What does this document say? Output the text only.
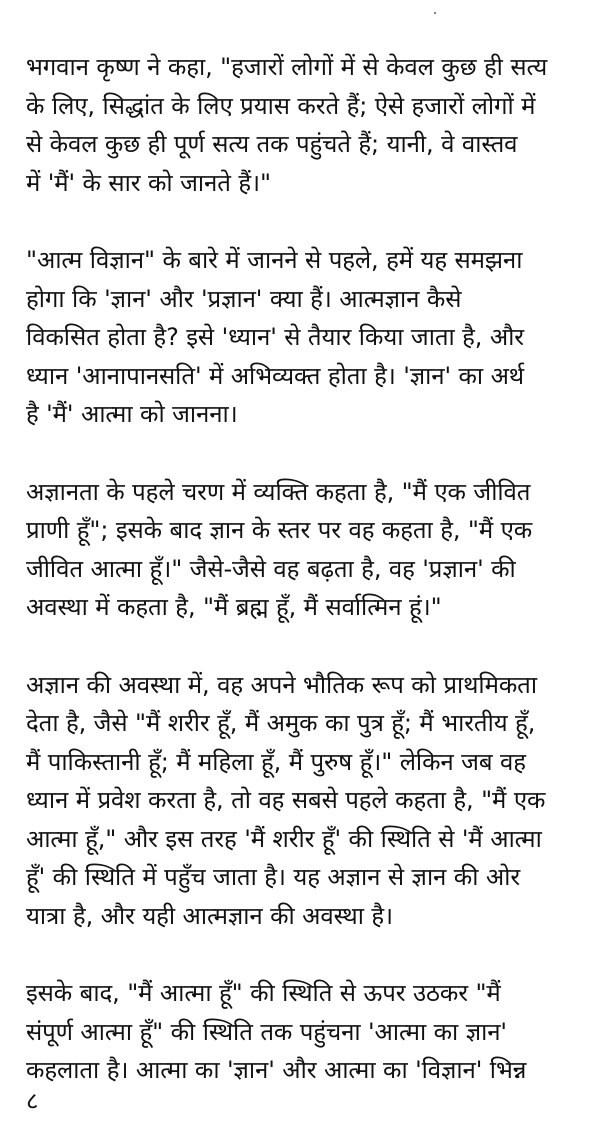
भगवान कृष्ण ने कहा, "हजारों लोगों में से केवल कुछ ही सत्य
के लिए, सिद्धांत के लिए प्रयास करते हैं; ऐसे हजारों लोगों में
से केवल कुछ ही पूर्ण सत्य तक पहुंचते हैं; यानी, वे वास्तव
में 'मैं' के सार को जानते हैं।"

"आत्म विज्ञान" के बारे में जानने से पहले, हमें यह समझना
होगा कि 'ज्ञान' और 'प्रज्ञान' क्या हैं। आत्मज्ञान कैसे
विकसित होता है? इसे 'ध्यान' से तैयार किया जाता है, और
ध्यान 'आनापानसति' में अभिव्यक्त होता है। 'ज्ञान' का अर्थ
है 'मैं' आत्मा को जानना।

अज्ञानता के पहले चरण में व्यक्ति कहता है, "मैं एक जीवित
प्राणी हूँ"; इसके बाद ज्ञान के स्तर पर वह कहता है, "मैं एक
जीवित आत्मा हूँ।" जैसे-जैसे वह बढ़ता है, वह 'प्रज्ञान' की
अवस्था में कहता है, "मैं ब्रह्म हूँ, मैं सर्वात्मिन हूं।"

अज्ञान की अवस्था में, वह अपने भौतिक रूप को प्राथमिकता
देता है, जैसे "मैं शरीर हूँ, मैं अमुक का पुत्र हूँ; मैं भारतीय हूँ,
मैं पाकिस्तानी हूँ; मैं महिला हूँ, मैं पुरुष हूँ।" लेकिन जब वह
ध्यान में प्रवेश करता है, तो वह सबसे पहले कहता है, "मैं एक
आत्मा हूँ," और इस तरह 'मैं शरीर हूँ' की स्थिति से 'मैं आत्मा
हूँ' की स्थिति में पहुँच जाता है। यह अज्ञान से ज्ञान की ओर
यात्रा है, और यही आत्मज्ञान की अवस्था है।

इसके बाद, "मैं आत्मा हूँ" की स्थिति से ऊपर उठकर "मैं
संपूर्ण आत्मा हूँ" की स्थिति तक पहुंचना 'आत्मा का ज्ञान'
कहलाता है। आत्मा का 'ज्ञान' और आत्मा का 'विज्ञान' भिन्न

८
